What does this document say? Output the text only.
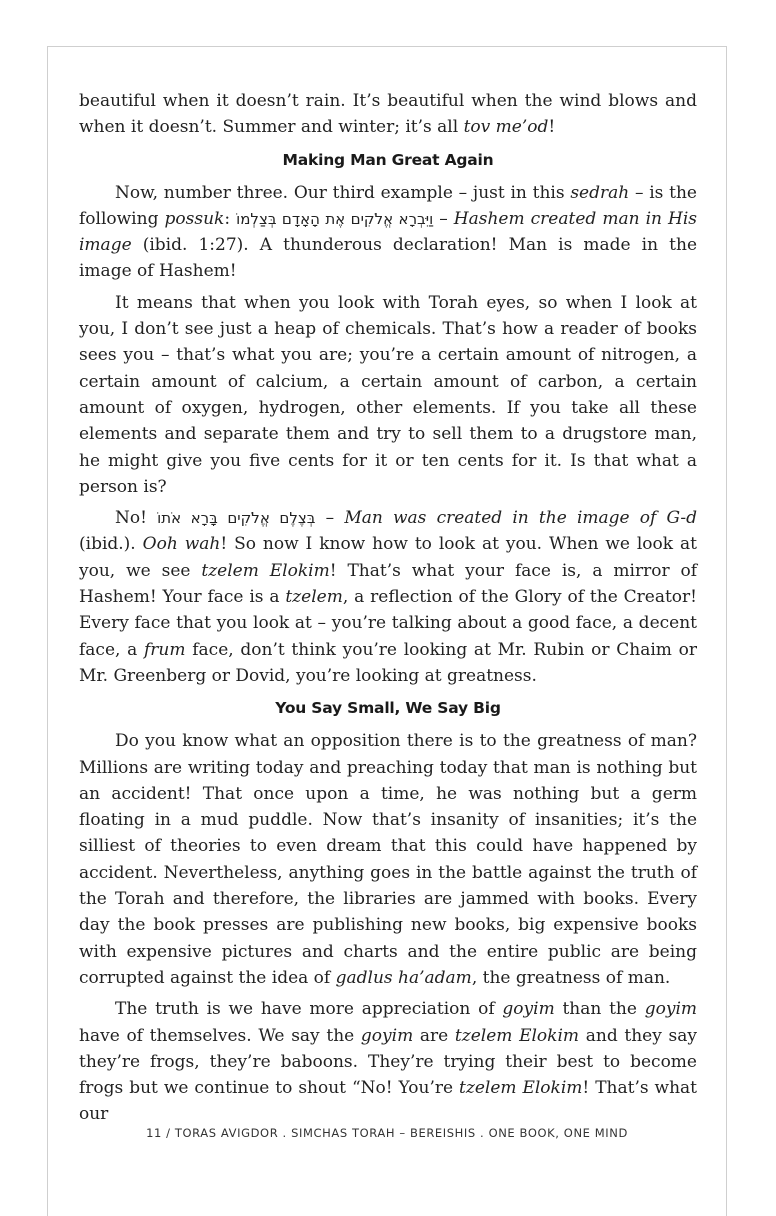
beautiful when it doesn’t rain. It’s beautiful when the wind blows and when it doesn’t. Summer and winter; it’s all tov me’od!

Making Man Great Again

Now, number three. Our third example – just in this sedrah – is the following possuk: וַיִּבְרָא אֱלֹקִים אֶת הָאָדָם בְּצַלְמוֹ – Hashem created man in His image (ibid. 1:27). A thunderous declaration! Man is made in the image of Hashem!

It means that when you look with Torah eyes, so when I look at you, I don’t see just a heap of chemicals. That’s how a reader of books sees you – that’s what you are; you’re a certain amount of nitrogen, a certain amount of calcium, a certain amount of carbon, a certain amount of oxygen, hydrogen, other elements. If you take all these elements and separate them and try to sell them to a drugstore man, he might give you five cents for it or ten cents for it. Is that what a person is?

No! בְּצֶלֶם אֱלֹקִים בָּרָא אֹתוֹ – Man was created in the image of G-d (ibid.). Ooh wah! So now I know how to look at you. When we look at you, we see tzelem Elokim! That’s what your face is, a mirror of Hashem! Your face is a tzelem, a reflection of the Glory of the Creator! Every face that you look at – you’re talking about a good face, a decent face, a frum face, don’t think you’re looking at Mr. Rubin or Chaim or Mr. Greenberg or Dovid, you’re looking at greatness.

You Say Small, We Say Big

Do you know what an opposition there is to the greatness of man? Millions are writing today and preaching today that man is nothing but an accident! That once upon a time, he was nothing but a germ floating in a mud puddle. Now that’s insanity of insanities; it’s the silliest of theories to even dream that this could have happened by accident. Nevertheless, anything goes in the battle against the truth of the Torah and therefore, the libraries are jammed with books. Every day the book presses are publishing new books, big expensive books with expensive pictures and charts and the entire public are being corrupted against the idea of gadlus ha’adam, the greatness of man.

The truth is we have more appreciation of goyim than the goyim have of themselves. We say the goyim are tzelem Elokim and they say they’re frogs, they’re baboons. They’re trying their best to become frogs but we continue to shout “No! You’re tzelem Elokim! That’s what our

11 / TORAS AVIGDOR . SIMCHAS TORAH – BEREISHIS . ONE BOOK, ONE MIND
